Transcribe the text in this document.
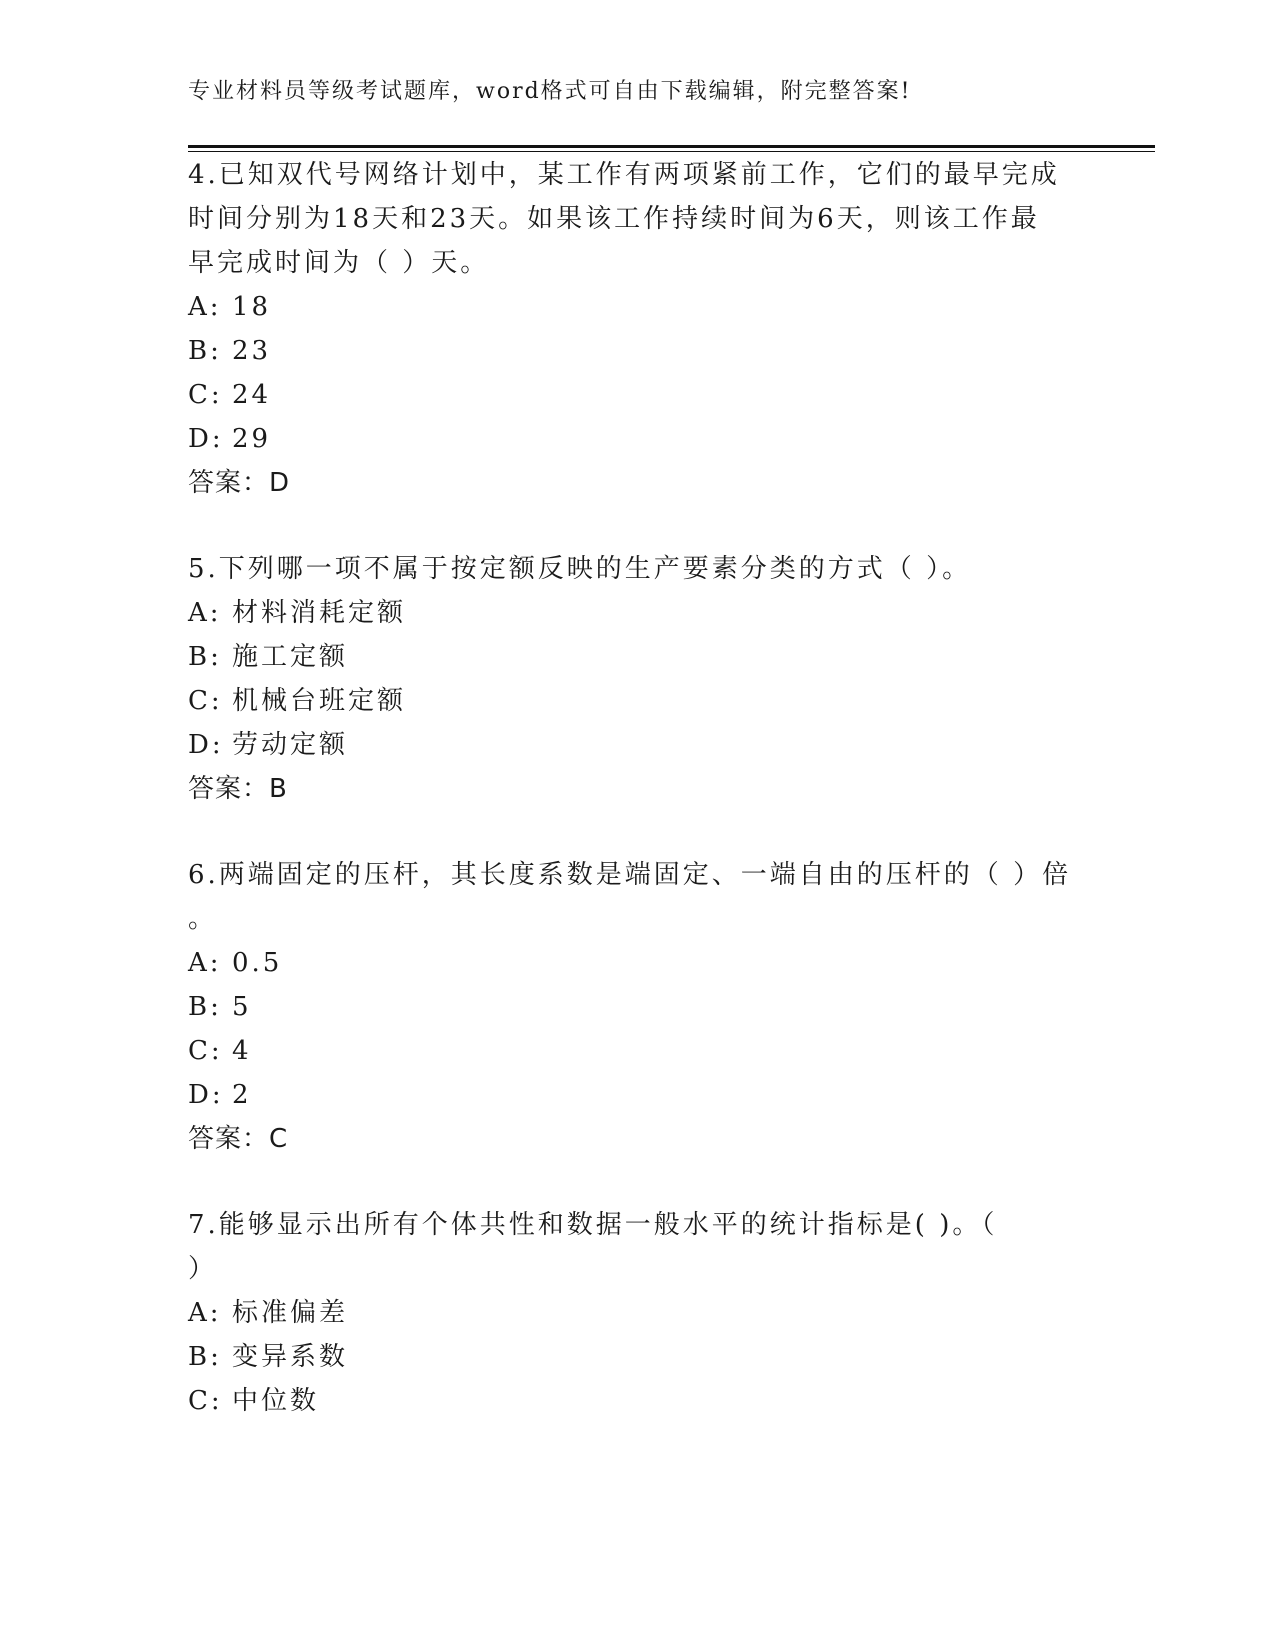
专业材料员等级考试题库，word格式可自由下载编辑，附完整答案!
4.已知双代号网络计划中，某工作有两项紧前工作，它们的最早完成
时间分别为18天和23天。如果该工作持续时间为6天，则该工作最
早完成时间为（ ）天。
A: 18
B: 23
C: 24
D: 29
答案：D
5.下列哪一项不属于按定额反映的生产要素分类的方式（ ）。
A: 材料消耗定额
B: 施工定额
C: 机械台班定额
D: 劳动定额
答案：B
6.两端固定的压杆，其长度系数是端固定、一端自由的压杆的（ ）倍
。
A: 0.5
B: 5
C: 4
D: 2
答案：C
7.能够显示出所有个体共性和数据一般水平的统计指标是( )。（
）
A: 标准偏差
B: 变异系数
C: 中位数
